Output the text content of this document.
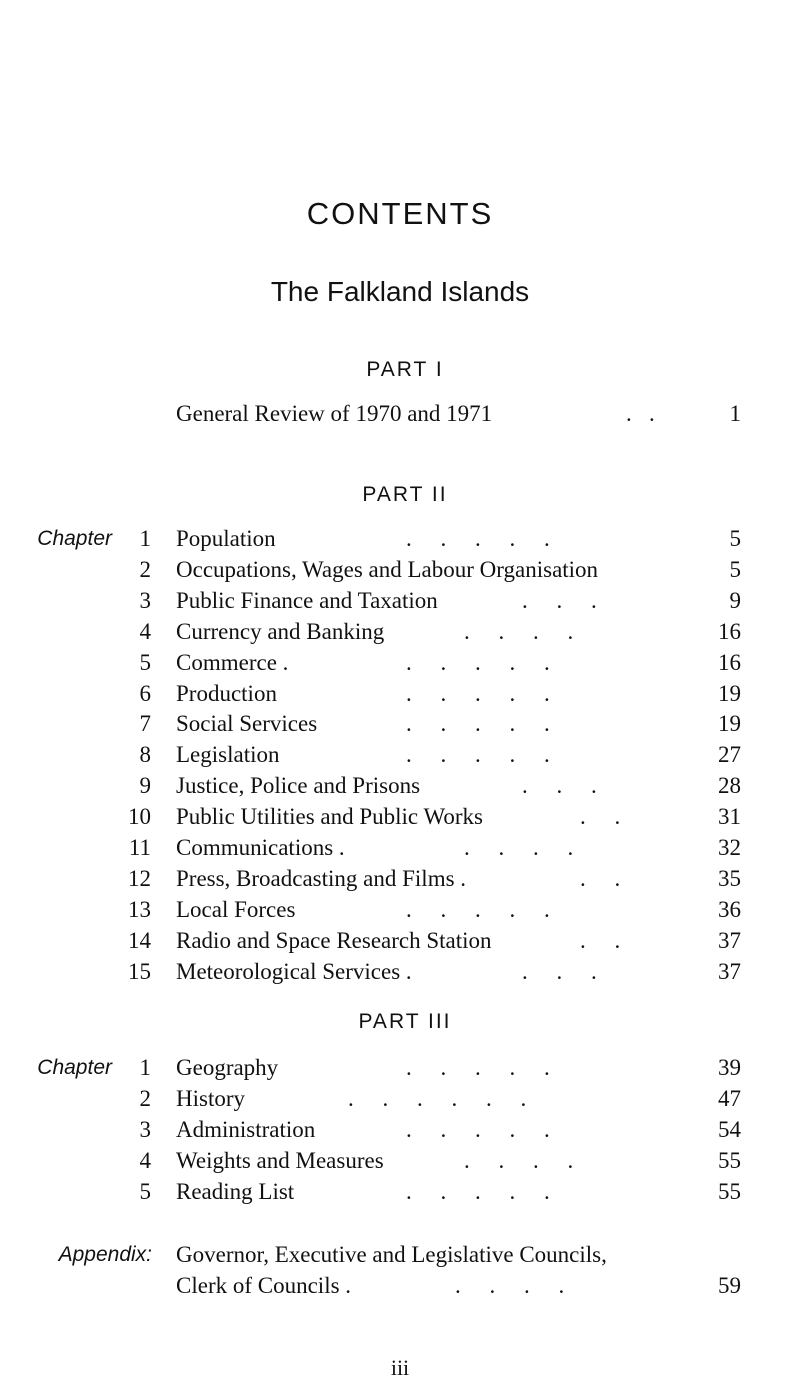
CONTENTS
The Falkland Islands
PART I
General Review of 1970 and 1971	.   .	1
PART II
Chapter	1 Population	.     .     .     .     .	5
2 Occupations, Wages and Labour Organisation	5
3 Public Finance and Taxation	.     .     .	9
4 Currency and Banking	.     .     .     .	16
5 Commerce .	.     .     .     .     .	16
6 Production	.     .     .     .     .	19
7 Social Services	.     .     .     .     .	19
8 Legislation	.     .     .     .     .	27
9 Justice, Police and Prisons	.     .     .	28
10 Public Utilities and Public Works	.     .	31
11 Communications .	.     .     .     .	32
12 Press, Broadcasting and Films .	.     .	35
13 Local Forces	.     .     .     .     .	36
14 Radio and Space Research Station	.     .	37
15 Meteorological Services .	.     .     .	37
PART III
Chapter	1 Geography	.     .     .     .     .	39
2 History	.     .     .     .     .     .	47
3 Administration	.     .     .     .     .	54
4 Weights and Measures	.     .     .     .	55
5 Reading List	.     .     .     .     .	55
Appendix: Governor, Executive and Legislative Councils,
Clerk of Councils .	.     .     .     .	59
iii
